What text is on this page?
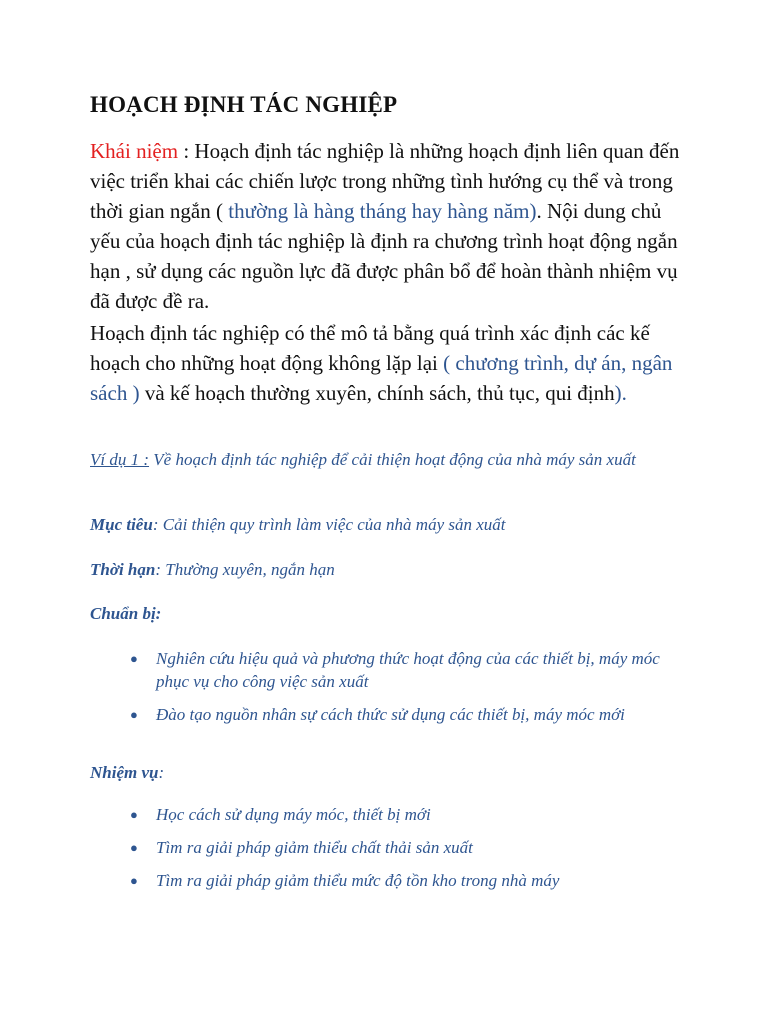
HOẠCH ĐỊNH TÁC NGHIỆP

Khái niệm : Hoạch định tác nghiệp là những hoạch định liên quan đến việc triển khai các chiến lược trong những tình hướng cụ thể và trong thời gian ngắn ( thường là hàng tháng hay hàng năm). Nội dung chủ yếu của hoạch định tác nghiệp là định ra chương trình hoạt động ngắn hạn , sử dụng các nguồn lực đã được phân bổ để hoàn thành nhiệm vụ đã được đề ra.

Hoạch định tác nghiệp có thể mô tả bằng quá trình xác định các kế hoạch cho những hoạt động không lặp lại ( chương trình, dự án, ngân sách ) và kế hoạch thường xuyên, chính sách, thủ tục, qui định).

Ví dụ 1 : Về hoạch định tác nghiệp để cải thiện hoạt động của nhà máy sản xuất

Mục tiêu: Cải thiện quy trình làm việc của nhà máy sản xuất

Thời hạn: Thường xuyên, ngắn hạn

Chuẩn bị:

● Nghiên cứu hiệu quả và phương thức hoạt động của các thiết bị, máy móc phục vụ cho công việc sản xuất
● Đào tạo nguồn nhân sự cách thức sử dụng các thiết bị, máy móc mới

Nhiệm vụ:

● Học cách sử dụng máy móc, thiết bị mới
● Tìm ra giải pháp giảm thiểu chất thải sản xuất
● Tìm ra giải pháp giảm thiểu mức độ tồn kho trong nhà máy
